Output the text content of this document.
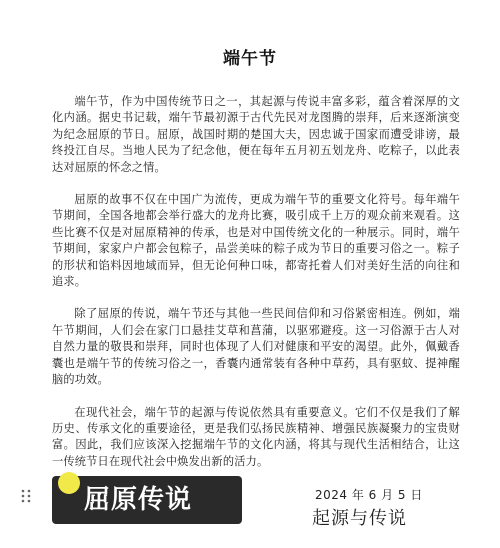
端午节

端午节，作为中国传统节日之一，其起源与传说丰富多彩，蕴含着深厚的文化内涵。据史书记载，端午节最初源于古代先民对龙图腾的崇拜，后来逐渐演变为纪念屈原的节日。屈原，战国时期的楚国大夫，因忠诚于国家而遭受诽谤，最终投江自尽。当地人民为了纪念他，便在每年五月初五划龙舟、吃粽子，以此表达对屈原的怀念之情。

屈原的故事不仅在中国广为流传，更成为端午节的重要文化符号。每年端午节期间，全国各地都会举行盛大的龙舟比赛，吸引成千上万的观众前来观看。这些比赛不仅是对屈原精神的传承，也是对中国传统文化的一种展示。同时，端午节期间，家家户户都会包粽子，品尝美味的粽子成为节日的重要习俗之一。粽子的形状和馅料因地域而异，但无论何种口味，都寄托着人们对美好生活的向往和追求。

除了屈原的传说，端午节还与其他一些民间信仰和习俗紧密相连。例如，端午节期间，人们会在家门口悬挂艾草和菖蒲，以驱邪避疫。这一习俗源于古人对自然力量的敬畏和崇拜，同时也体现了人们对健康和平安的渴望。此外，佩戴香囊也是端午节的传统习俗之一，香囊内通常装有各种中草药，具有驱蚊、提神醒脑的功效。

在现代社会，端午节的起源与传说依然具有重要意义。它们不仅是我们了解历史、传承文化的重要途径，更是我们弘扬民族精神、增强民族凝聚力的宝贵财富。因此，我们应该深入挖掘端午节的文化内涵，将其与现代生活相结合，让这一传统节日在现代社会中焕发出新的活力。

屈原传说	2024 年 6 月 5 日
起源与传说
